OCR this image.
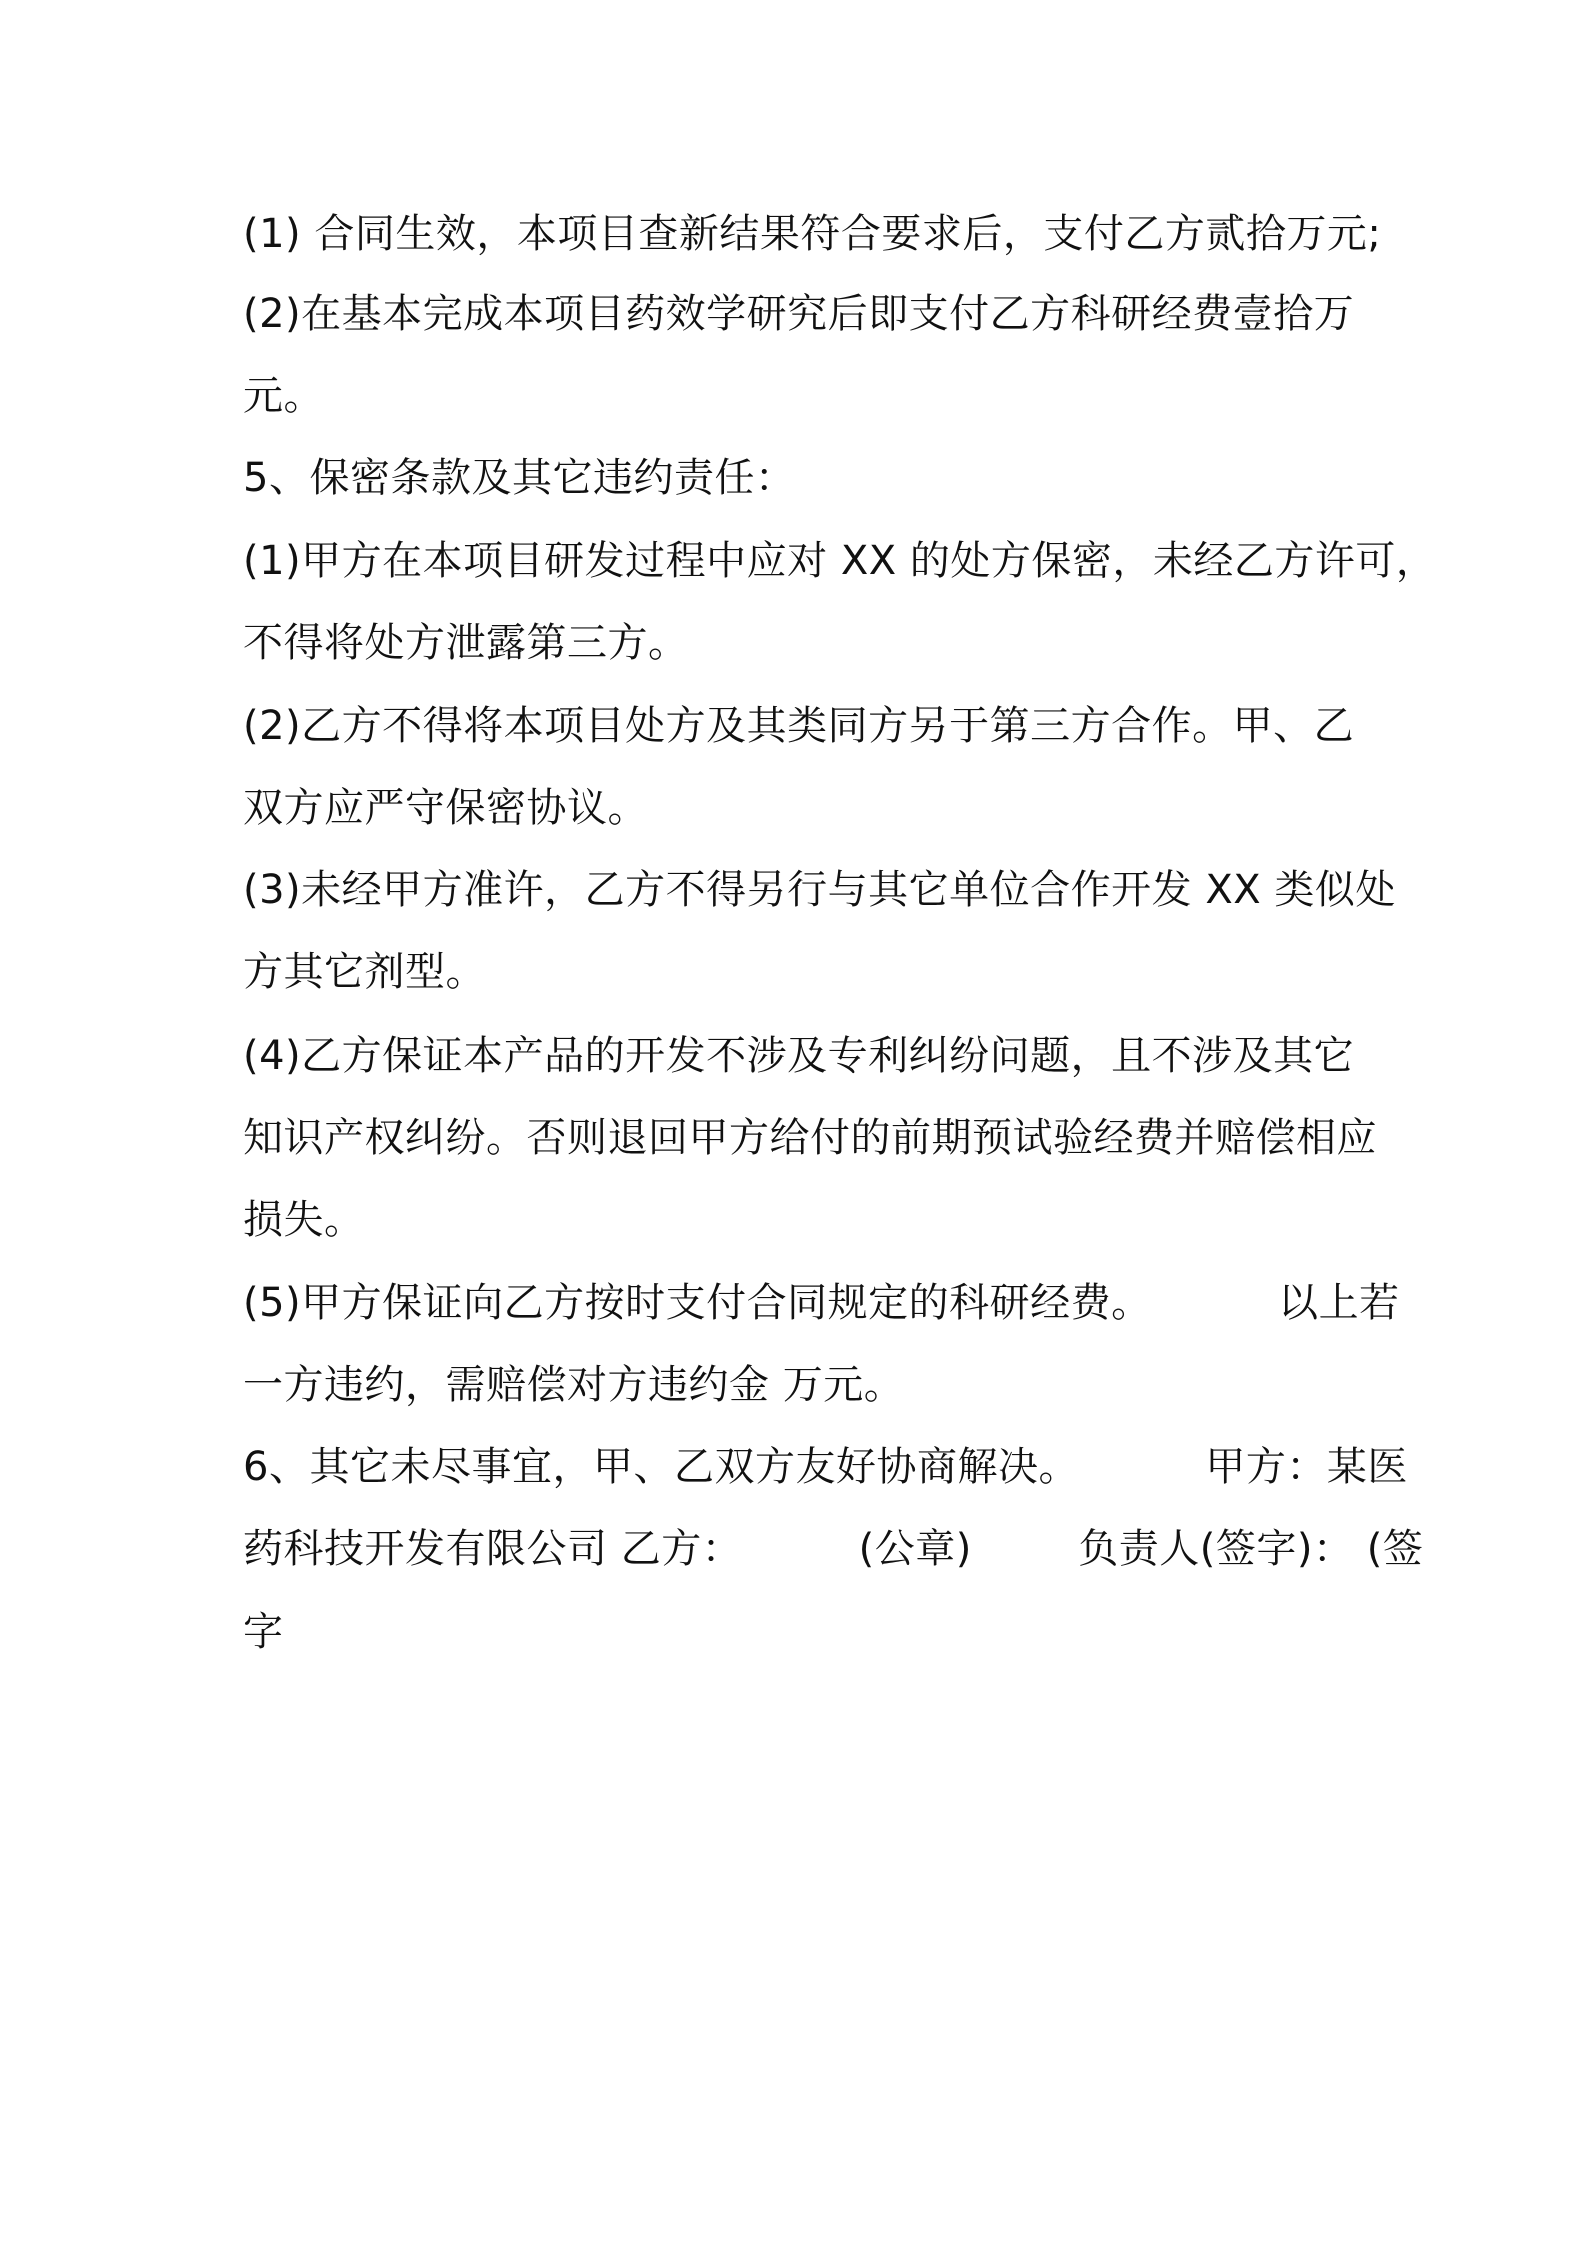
(1) 合同生效，本项目查新结果符合要求后，支付乙方贰拾万元;
(2)在基本完成本项目药效学研究后即支付乙方科研经费壹拾万
元。
5、保密条款及其它违约责任：
(1)甲方在本项目研发过程中应对 XX 的处方保密，未经乙方许可，
不得将处方泄露第三方。
(2)乙方不得将本项目处方及其类同方另于第三方合作。甲、乙
双方应严守保密协议。
(3)未经甲方准许，乙方不得另行与其它单位合作开发 XX 类似处
方其它剂型。
(4)乙方保证本产品的开发不涉及专利纠纷问题，且不涉及其它
知识产权纠纷。否则退回甲方给付的前期预试验经费并赔偿相应
损失。
(5)甲方保证向乙方按时支付合同规定的科研经费。	以上若
一方违约，需赔偿对方违约金 万元。
6、其它未尽事宜，甲、乙双方友好协商解决。	甲方：某医
药科技开发有限公司 乙方：	(公章)	负责人(签字)： (签
字
